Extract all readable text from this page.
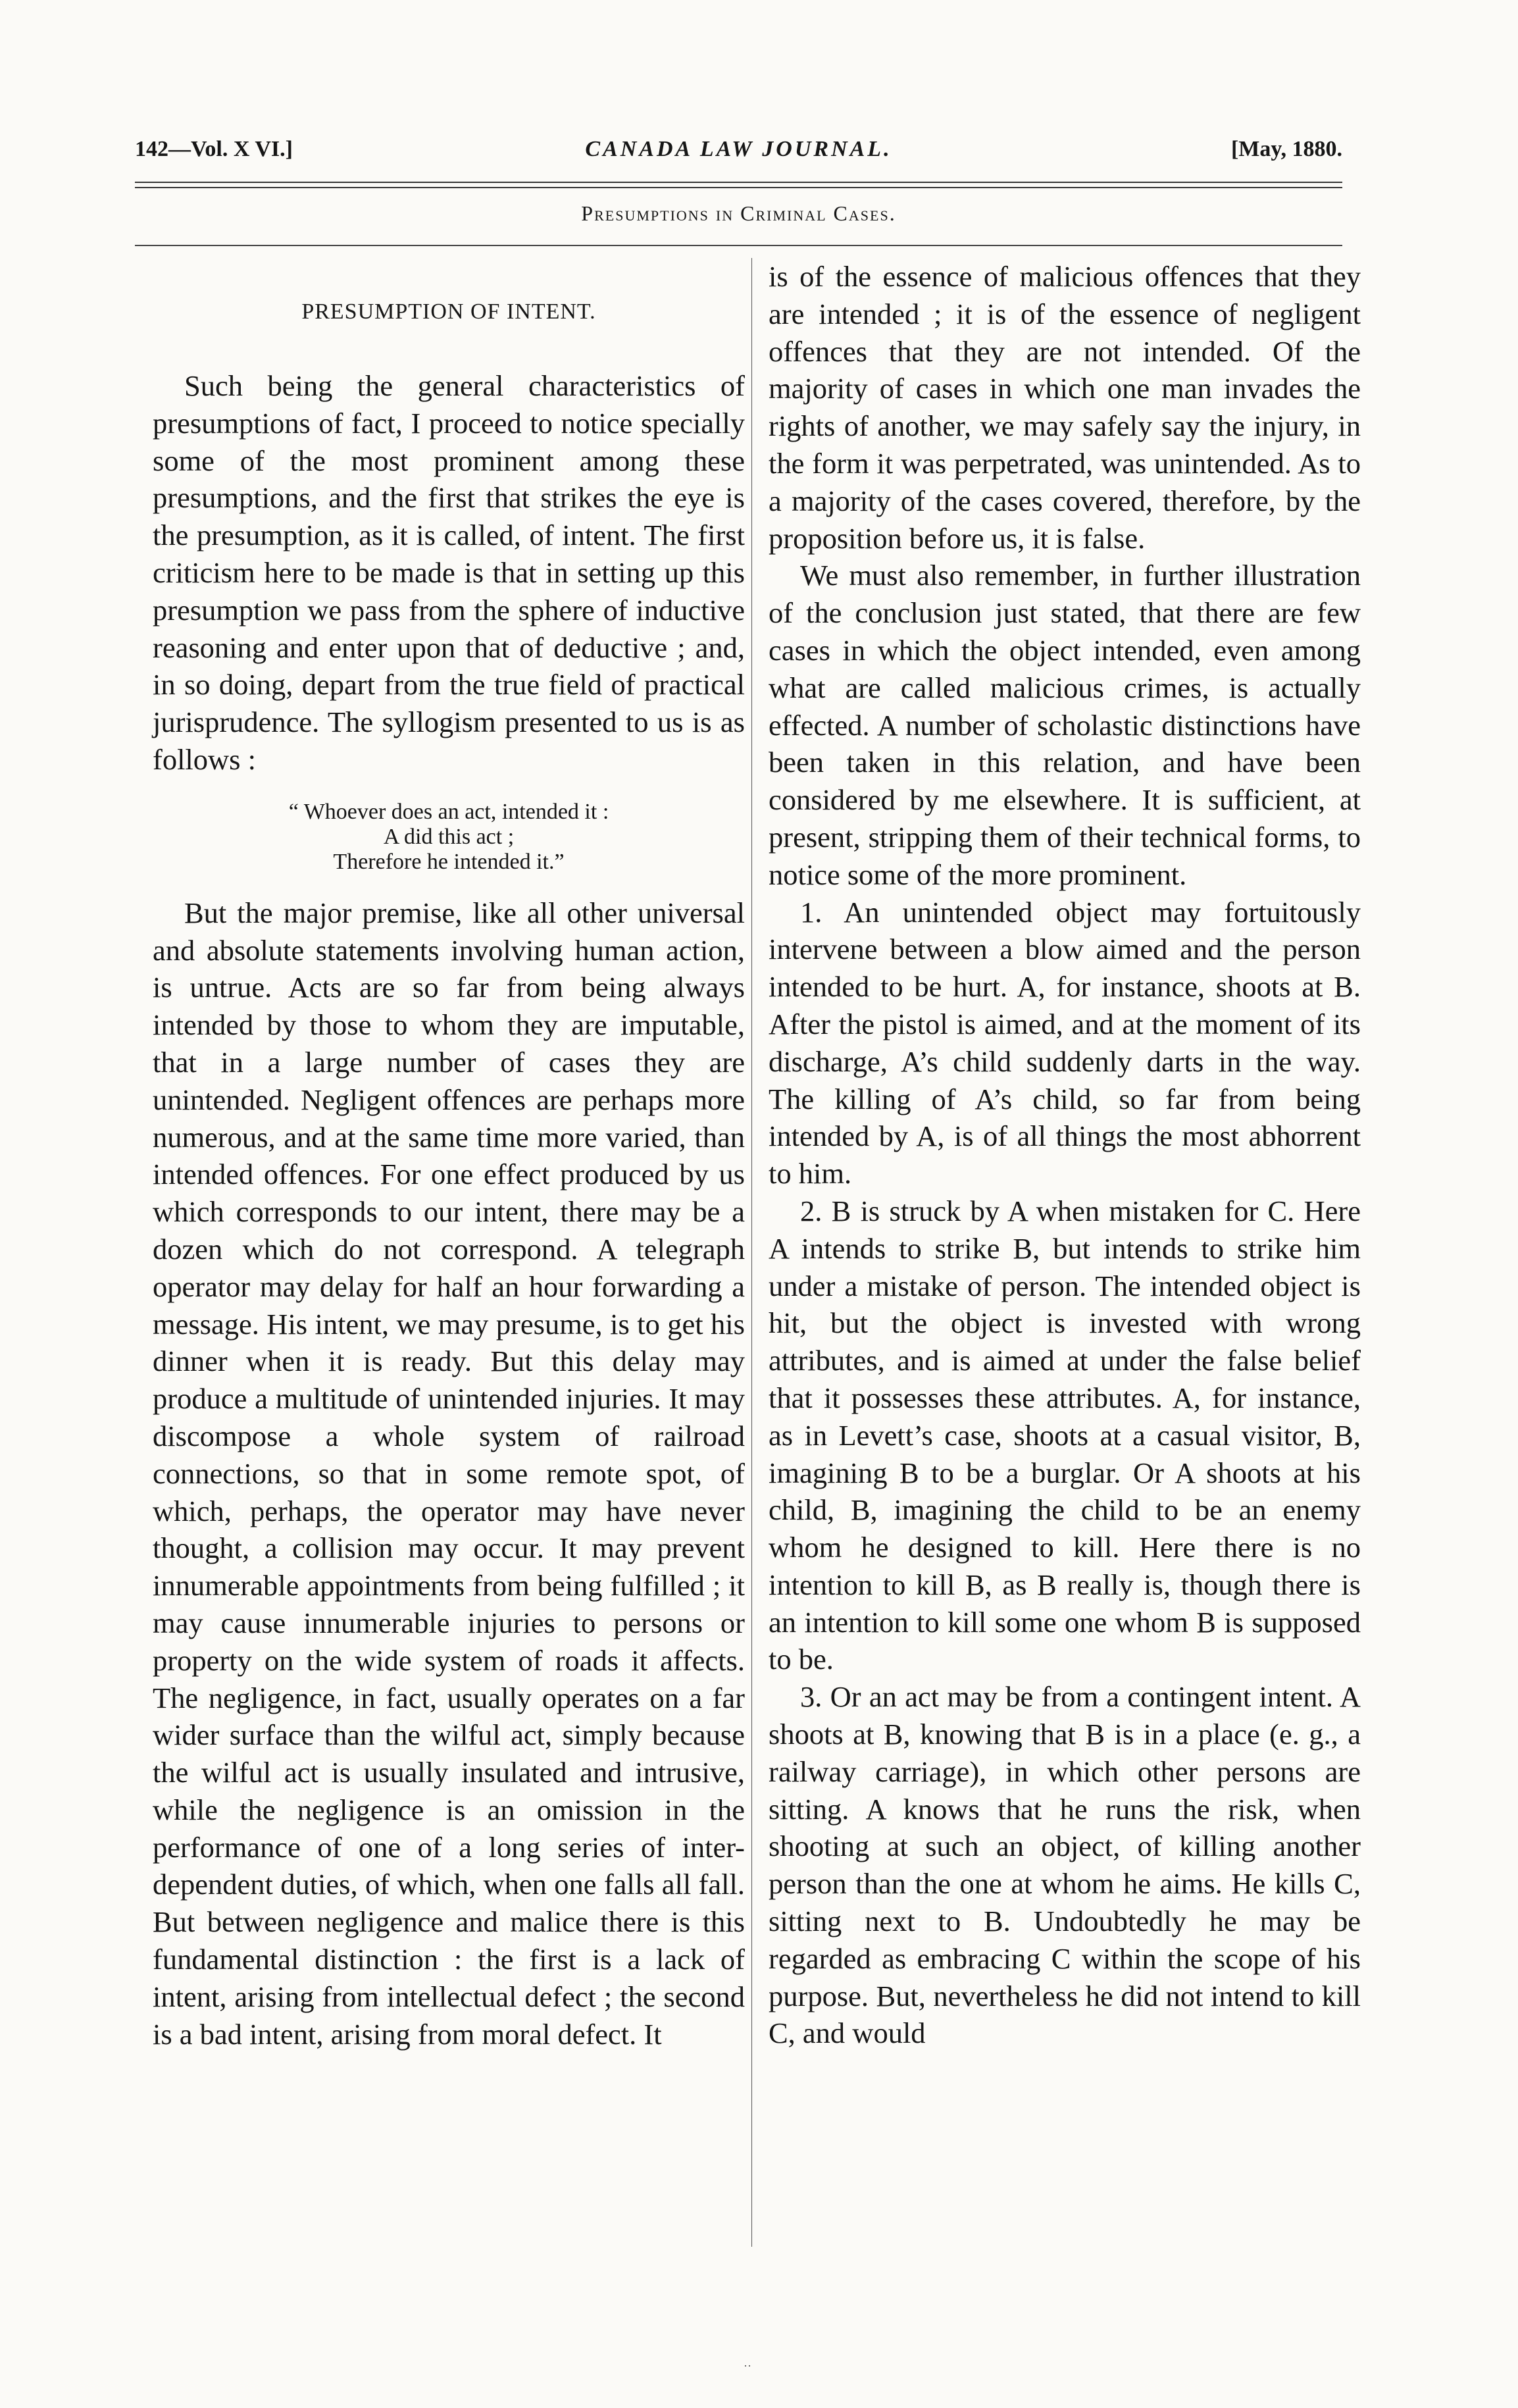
142—Vol. X VI.]	CANADA LAW JOURNAL.	[May, 1880.
Presumptions in Criminal Cases.
PRESUMPTION OF INTENT.

Such being the general characteristics of presumptions of fact, I proceed to notice specially some of the most prominent among these presumptions, and the first that strikes the eye is the presumption, as it is called, of intent. The first criticism here to be made is that in setting up this presumption we pass from the sphere of inductive reasoning and enter upon that of deductive ; and, in so doing, depart from the true field of practical jurisprudence. The syllogism presented to us is as follows :

“ Whoever does an act, intended it :
A did this act ;
Therefore he intended it.”

But the major premise, like all other universal and absolute statements involving human action, is untrue. Acts are so far from being always intended by those to whom they are imputable, that in a large number of cases they are unintended. Negligent offences are perhaps more numerous, and at the same time more varied, than intended offences. For one effect produced by us which corresponds to our intent, there may be a dozen which do not correspond. A telegraph operator may delay for half an hour forwarding a message. His intent, we may presume, is to get his dinner when it is ready. But this delay may produce a multitude of unintended injuries. It may discompose a whole system of railroad connections, so that in some remote spot, of which, perhaps, the operator may have never thought, a collision may occur. It may prevent innumerable appointments from being fulfilled ; it may cause innumerable injuries to persons or property on the wide system of roads it affects. The negligence, in fact, usually operates on a far wider surface than the wilful act, simply because the wilful act is usually insulated and intrusive, while the negligence is an omission in the performance of one of a long series of inter-dependent duties, of which, when one falls all fall. But between negligence and malice there is this fundamental distinction : the first is a lack of intent, arising from intellectual defect ; the second is a bad intent, arising from moral defect. It

is of the essence of malicious offences that they are intended ; it is of the essence of negligent offences that they are not intended. Of the majority of cases in which one man invades the rights of another, we may safely say the injury, in the form it was perpetrated, was unintended. As to a majority of the cases covered, therefore, by the proposition before us, it is false.

We must also remember, in further illustration of the conclusion just stated, that there are few cases in which the object intended, even among what are called malicious crimes, is actually effected. A number of scholastic distinctions have been taken in this relation, and have been considered by me elsewhere. It is sufficient, at present, stripping them of their technical forms, to notice some of the more prominent.

1. An unintended object may fortuitously intervene between a blow aimed and the person intended to be hurt. A, for instance, shoots at B. After the pistol is aimed, and at the moment of its discharge, A’s child suddenly darts in the way. The killing of A’s child, so far from being intended by A, is of all things the most abhorrent to him.

2. B is struck by A when mistaken for C. Here A intends to strike B, but intends to strike him under a mistake of person. The intended object is hit, but the object is invested with wrong attributes, and is aimed at under the false belief that it possesses these attributes. A, for instance, as in Levett’s case, shoots at a casual visitor, B, imagining B to be a burglar. Or A shoots at his child, B, imagining the child to be an enemy whom he designed to kill. Here there is no intention to kill B, as B really is, though there is an intention to kill some one whom B is supposed to be.

3. Or an act may be from a contingent intent. A shoots at B, knowing that B is in a place (e. g., a railway carriage), in which other persons are sitting. A knows that he runs the risk, when shooting at such an object, of killing another person than the one at whom he aims. He kills C, sitting next to B. Undoubtedly he may be regarded as embracing C within the scope of his purpose. But, nevertheless he did not intend to kill C, and would

··
